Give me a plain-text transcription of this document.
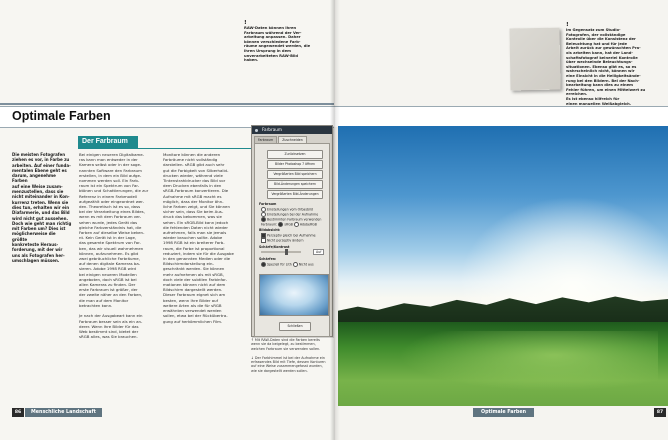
!
RAW-Daten können Ihren
Farbraum während der Ver-
arbeitung anpassen. Daher
können verschiedene Farb-
räume angewendet werden, die
ihren Ursprung in dem
unverarbeiteten RAW-Bild
haben.
Optimale Farben
Der Farbraum
Die meisten Fotografen
ziehen es vor, in Farbe zu
arbeiten. Auf einer funda-
mentalen Ebene geht es
darum, angenehme Farben
auf eine Weise zusam-
menzustellen, dass sie
nicht miteinander in Kon-
kurrenz treten. Wenn sie
dies tun, erhalten wir ein
Diafarmerie, und das Bild
wird nicht gut aussehen.
Doch wie geht man richtig
mit Farben um? Dies ist
möglicherweise die größte
konkreteste Heraus-
forderung, mit der wir
uns als Fotografen her-
umschlagen müssen.
Bei einigen neueren Digitalkame-
ras kann man entweder in der
Kamera selbst oder in der soge-
nannten Software den Farbraum
erstellen, in dem ein Bild aufge-
nommen werden soll. Ein Farb-
raum ist ein Spektrum von Far-
btönen und Schattierungen, die zur
Referenz in einem Farbmodell
aufgezählt oder eingeordnet wer-
den. Theoretisch ist es so, dass
bei der Verarbeitung eines Bildes,
wenn es mit dem Farbraum ver-
sehen wurde, jedes Gerät das
gleiche Farbverständnis hat, die
Farben auf dieselbe Weise beken-
nt. Kein Gerät ist in der Lage,
das gesamte Spektrum von Far-
ben, das wir visuell wahrnehmen
können, aufzunehmen. Es gibt
zwei gebräuchliche Farbräume,
auf denen digitale Kameras ba-
sieren. Adobe 1998 RGB wird
bei einigen neueren Modellen
angeboten, doch sRGB ist bei
allen Kameras zu finden. Der
erste Farbraum ist größer, der
der zweite näher an den Farben,
die man auf dem Monitor
betrachten kann.

Je nach der Ausgabeart kann ein
Farbraum besser sein als ein an-
derer. Wenn Ihre Bilder für das
Web bestimmt sind, bietet der
sRGB alles, was Sie brauchen.
Monitore können die anderen
Farbräume nicht vollständig
darstellen. sRGB gibt auch sehr
gut die Farbigkeit von Silberhalid-
drucken wieder, während viele
Tintenstrahldrucker das Bild vor
dem Drucken ebenfalls in den
sRGB-Farbraum konvertieren. Die
Aufnahme mit sRGB macht es
möglich, dass der Monitor ähn-
liche Farben zeigt, und Sie können
sicher sein, dass Sie beim Aus-
druck das bekommen, was sie
sehen. Ein sRGB-Bild kann jedoch
die fehlenden Daten nicht wieder
aufnehmen, falls man sie jemals
wieder brauchen sollte. Adobe
1998 RGB ist ein breiterer Farb-
raum, die Farbe ist proportional
reduziert, indem sie für die Ausgabe
in den genannten Medien oder die
Bildschirmdarstellung ein-
geschränkt werden. Sie können
mehr aufnehmen als mit sRGB,
doch viele der subtilen Farbinfor-
mationen können nicht auf dem
Bildschirm dargestellt werden.
Dieser Farbraum eignet sich am
besten, wenn Ihre Bilder auf
weitere Arten als die für sRGB
erwähnten verwendet werden
sollen, etwa bei der Rückübertra-
gung auf herkömmlichen Film.
86	Menschliche Landschaft
!
Im Gegensatz zum Studio-
Fotografen, der vollständige
Kontrolle über die Konsistenz der
Beleuchtung hat und für jede
Arbeit zurück zur gewünschten Pra-
xis arbeiten kann, hat der Land-
schaftsfotograf keinerlei Kontrolle
über wechselnde Beleuchtungs-
situationen. Ebenso gibt es, so es
wahrscheinlich nicht, können wir
eine Einsicht in die Helligkeitsände-
rung bei den Bildern. Bei der Nach-
bearbeitung kann dies zu einem
Fehler führen, um einen Mittelwert zu erreichen.
Es ist ebenso hilfreich für
einen manuellen Weißabgleich.
Farbraum
Farbraum	Zuschneiden
Zurücksetzen
Bilder Photoshop 7 öffnen
Vergrößerten Bild speichern
Bild-Änderungen speichern
Vergrößerten Bild-Änderungen
Farbraum
Einstellungen vom Orbasbild
Einstellungen bei der Aufnahme
Bestimmten Farbraum verwenden
Farbraum: sRGB AdobeRGB
Bildabsicht:
Perzeptiv gleich bei Aufnahme
Nicht perzeptiv ändern
Schärfe/Kontrast
Auf
Schärfen:
Speziell für Lith Nicht aus
Schließen
↑ Mit RAW-Daten sind die Farben bereits
wenn sie da beigelegt, zu bestimmen,
welchen Farbraum sie verwenden sollen.

↓ Der Farbhimmel ist bei der Aufnahme ein
erfassendes Bild mit Tiefe, dessen Konturen
auf eine Weise zusammengefasst wurden,
wie sie dargestellt werden sollen.
Optimale Farben	87
